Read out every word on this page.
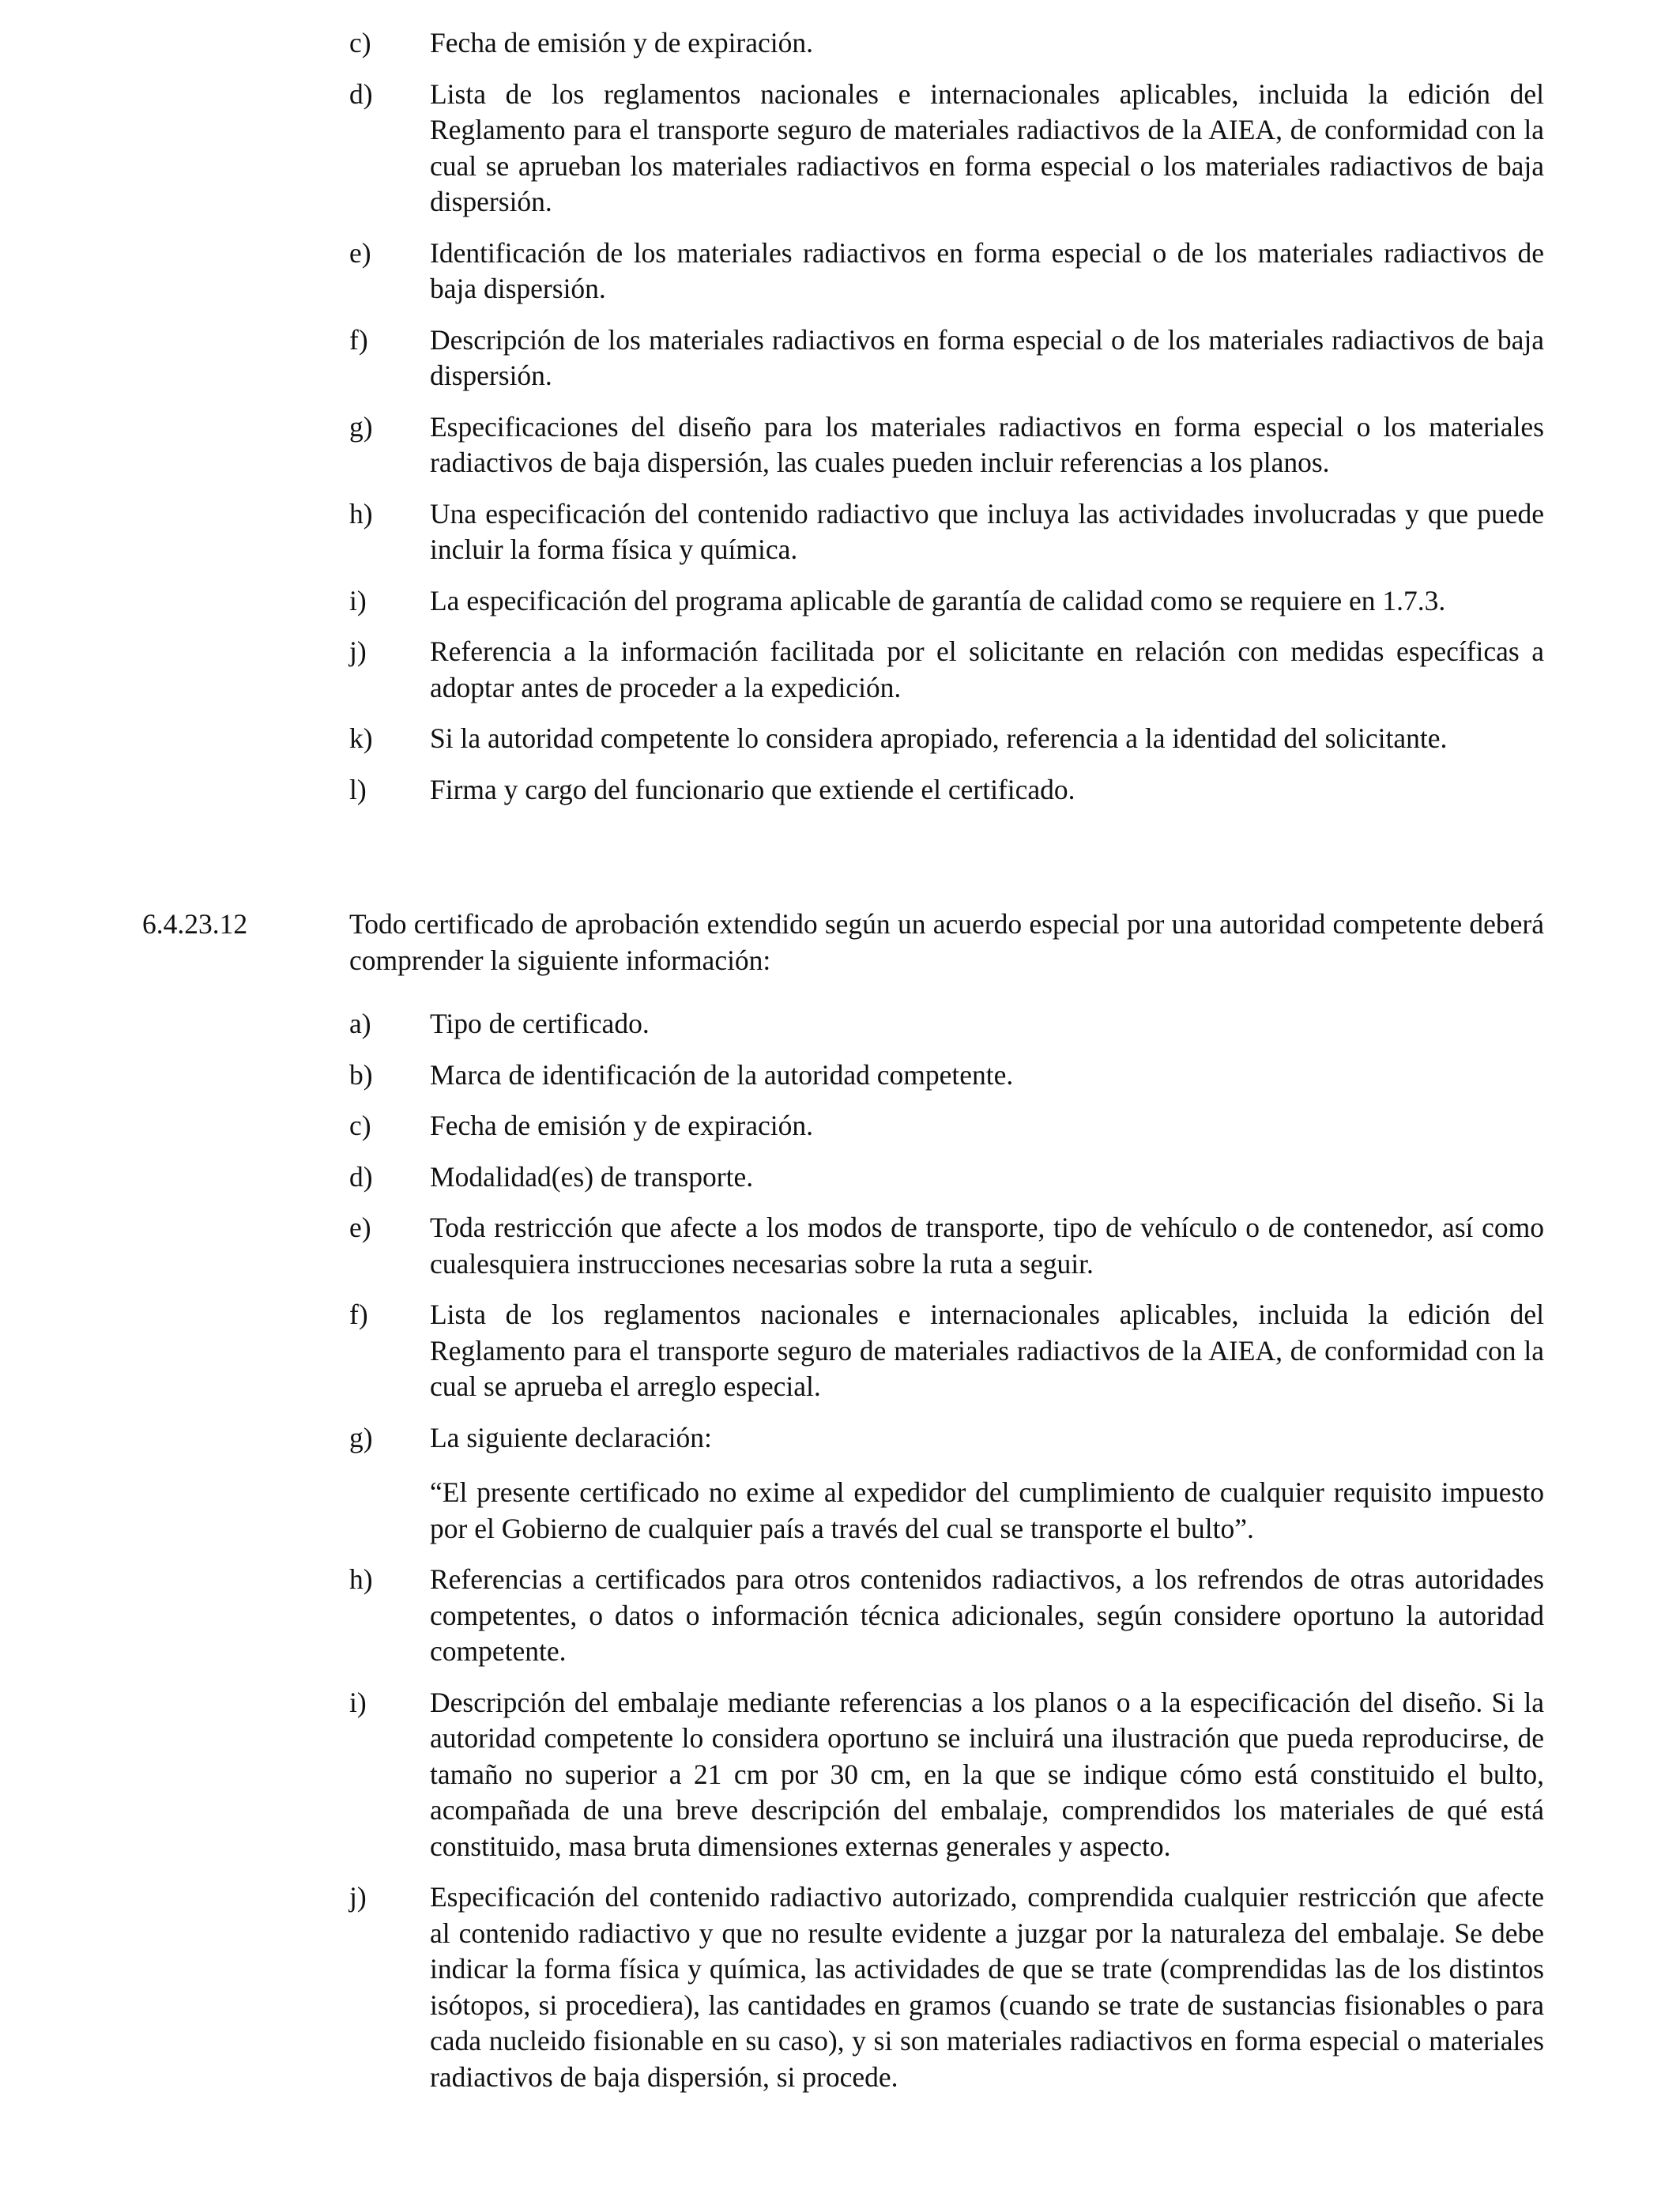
c)	Fecha de emisión y de expiración.
d)	Lista de los reglamentos nacionales e internacionales aplicables, incluida la edición del Reglamento para el transporte seguro de materiales radiactivos de la AIEA, de conformidad con la cual se aprueban los materiales radiactivos en forma especial o los materiales radiactivos de baja dispersión.
e)	Identificación de los materiales radiactivos en forma especial o de los materiales radiactivos de baja dispersión.
f)	Descripción de los materiales radiactivos en forma especial o de los materiales radiactivos de baja dispersión.
g)	Especificaciones del diseño para los materiales radiactivos en forma especial o los materiales radiactivos de baja dispersión, las cuales pueden incluir referencias a los planos.
h)	Una especificación del contenido radiactivo que incluya las actividades involucradas y que puede incluir la forma física y química.
i)	La especificación del programa aplicable de garantía de calidad como se requiere en 1.7.3.
j)	Referencia a la información facilitada por el solicitante en relación con medidas específicas a adoptar antes de proceder a la expedición.
k)	Si la autoridad competente lo considera apropiado, referencia a la identidad del solicitante.
l)	Firma y cargo del funcionario que extiende el certificado.
6.4.23.12	Todo certificado de aprobación extendido según un acuerdo especial por una autoridad competente deberá comprender la siguiente información:
a)	Tipo de certificado.
b)	Marca de identificación de la autoridad competente.
c)	Fecha de emisión y de expiración.
d)	Modalidad(es) de transporte.
e)	Toda restricción que afecte a los modos de transporte, tipo de vehículo o de contenedor, así como cualesquiera instrucciones necesarias sobre la ruta a seguir.
f)	Lista de los reglamentos nacionales e internacionales aplicables, incluida la edición del Reglamento para el transporte seguro de materiales radiactivos de la AIEA, de conformidad con la cual se aprueba el arreglo especial.
g)	La siguiente declaración:
“El presente certificado no exime al expedidor del cumplimiento de cualquier requisito impuesto por el Gobierno de cualquier país a través del cual se transporte el bulto”.
h)	Referencias a certificados para otros contenidos radiactivos, a los refrendos de otras autoridades competentes, o datos o información técnica adicionales, según considere oportuno la autoridad competente.
i)	Descripción del embalaje mediante referencias a los planos o a la especificación del diseño. Si la autoridad competente lo considera oportuno se incluirá una ilustración que pueda reproducirse, de tamaño no superior a 21 cm por 30 cm, en la que se indique cómo está constituido el bulto, acompañada de una breve descripción del embalaje, comprendidos los materiales de qué está constituido, masa bruta dimensiones externas generales y aspecto.
j)	Especificación del contenido radiactivo autorizado, comprendida cualquier restricción que afecte al contenido radiactivo y que no resulte evidente a juzgar por la naturaleza del embalaje. Se debe indicar la forma física y química, las actividades de que se trate (comprendidas las de los distintos isótopos, si procediera), las cantidades en gramos (cuando se trate de sustancias fisionables o para cada nucleido fisionable en su caso), y si son materiales radiactivos en forma especial o materiales radiactivos de baja dispersión, si procede.
